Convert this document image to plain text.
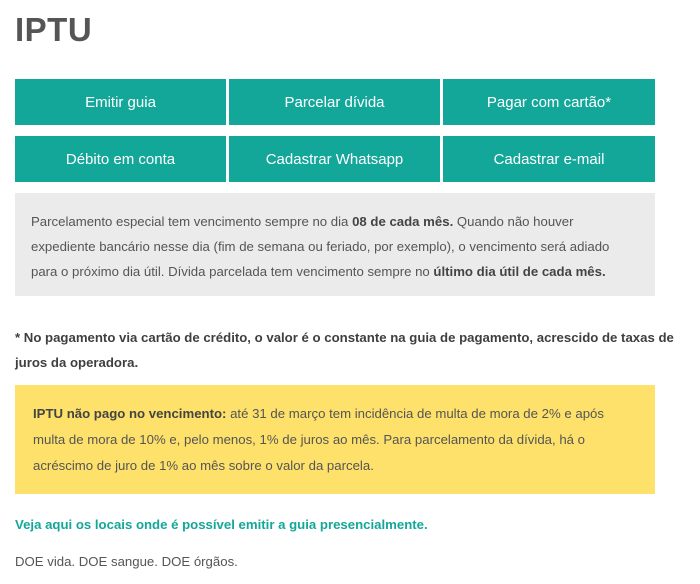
IPTU
Emitir guia	Parcelar dívida	Pagar com cartão*
Débito em conta	Cadastrar Whatsapp	Cadastrar e-mail
Parcelamento especial tem vencimento sempre no dia 08 de cada mês. Quando não houver expediente bancário nesse dia (fim de semana ou feriado, por exemplo), o vencimento será adiado para o próximo dia útil. Dívida parcelada tem vencimento sempre no último dia útil de cada mês.
* No pagamento via cartão de crédito, o valor é o constante na guia de pagamento, acrescido de taxas de juros da operadora.
IPTU não pago no vencimento: até 31 de março tem incidência de multa de mora de 2% e após multa de mora de 10% e, pelo menos, 1% de juros ao mês. Para parcelamento da dívida, há o acréscimo de juro de 1% ao mês sobre o valor da parcela.
Veja aqui os locais onde é possível emitir a guia presencialmente.
DOE vida. DOE sangue. DOE órgãos.
